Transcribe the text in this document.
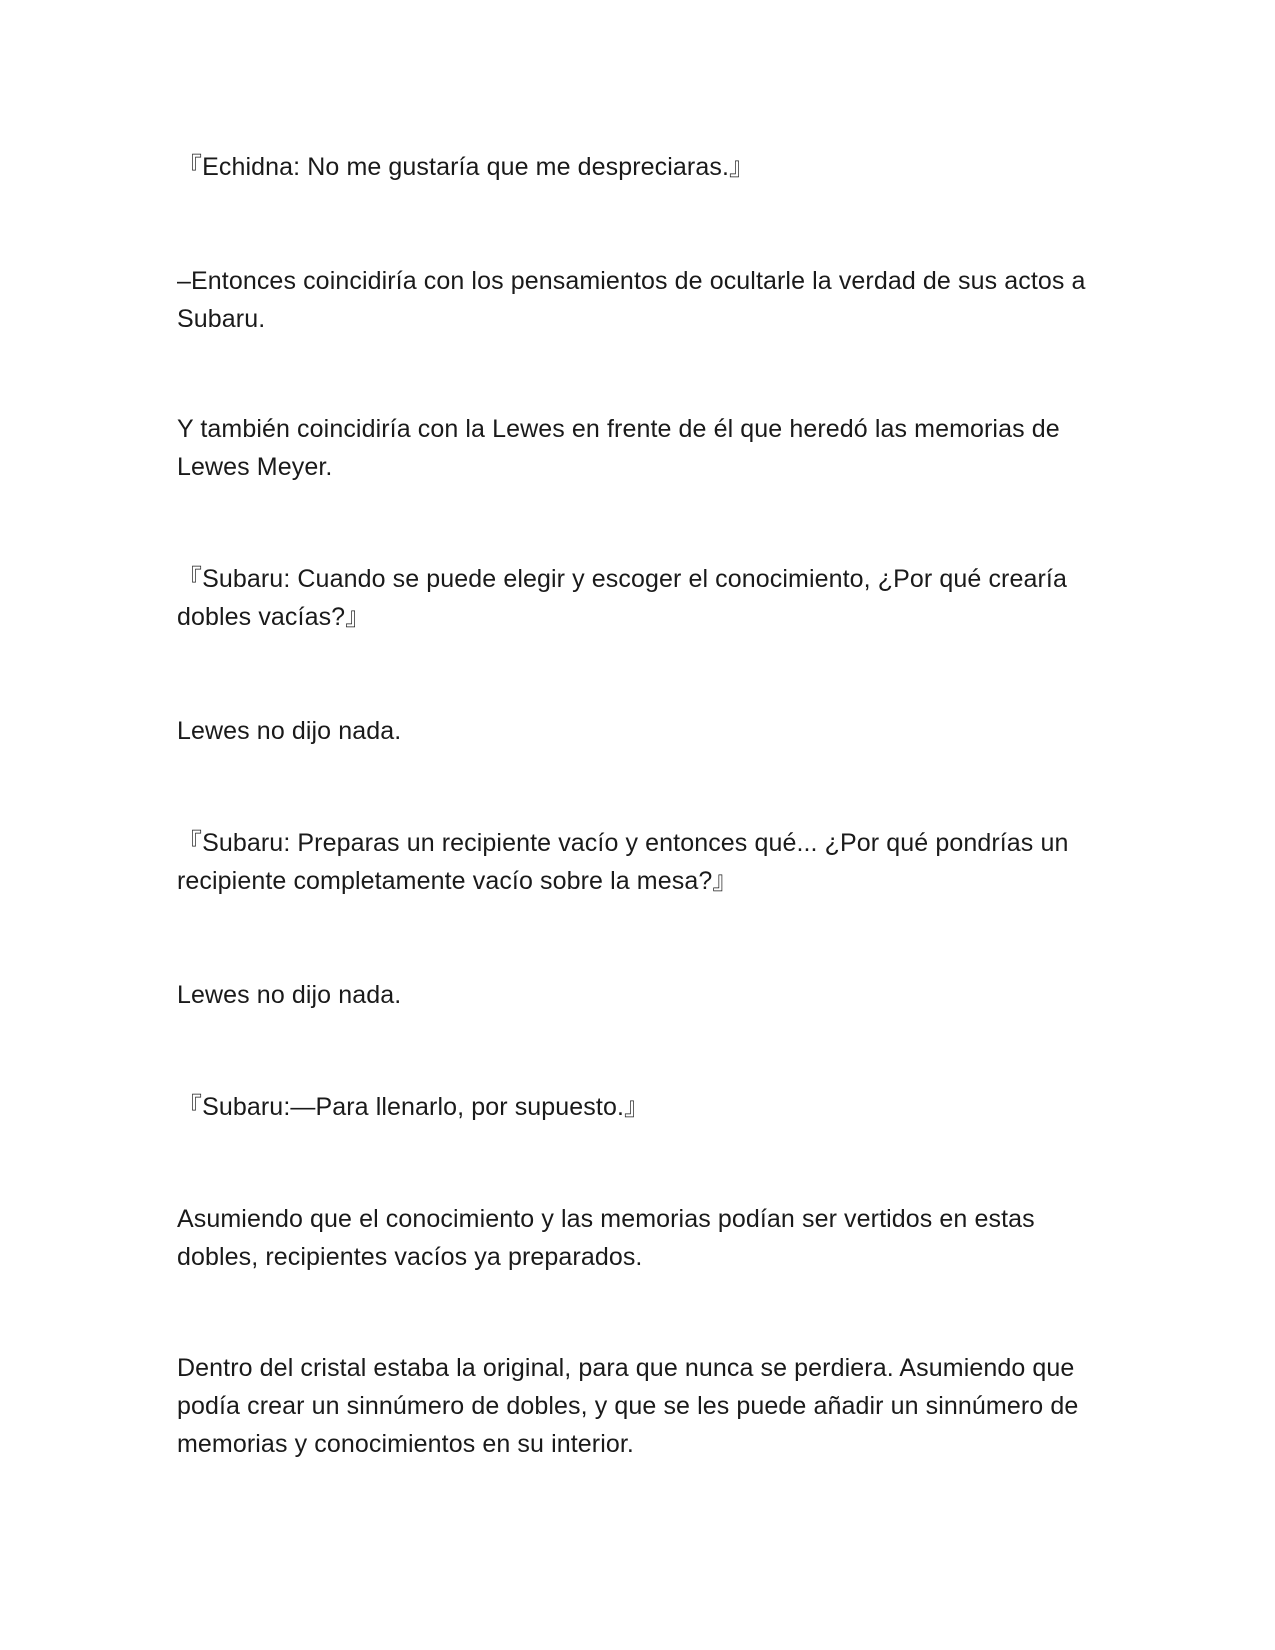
『Echidna: No me gustaría que me despreciaras.』

–Entonces coincidiría con los pensamientos de ocultarle la verdad de sus actos a Subaru.

Y también coincidiría con la Lewes en frente de él que heredó las memorias de Lewes Meyer.

『Subaru: Cuando se puede elegir y escoger el conocimiento, ¿Por qué crearía dobles vacías?』

Lewes no dijo nada.

『Subaru: Preparas un recipiente vacío y entonces qué... ¿Por qué pondrías un recipiente completamente vacío sobre la mesa?』

Lewes no dijo nada.

『Subaru:—Para llenarlo, por supuesto.』

Asumiendo que el conocimiento y las memorias podían ser vertidos en estas dobles, recipientes vacíos ya preparados.

Dentro del cristal estaba la original, para que nunca se perdiera. Asumiendo que podía crear un sinnúmero de dobles, y que se les puede añadir un sinnúmero de memorias y conocimientos en su interior.
